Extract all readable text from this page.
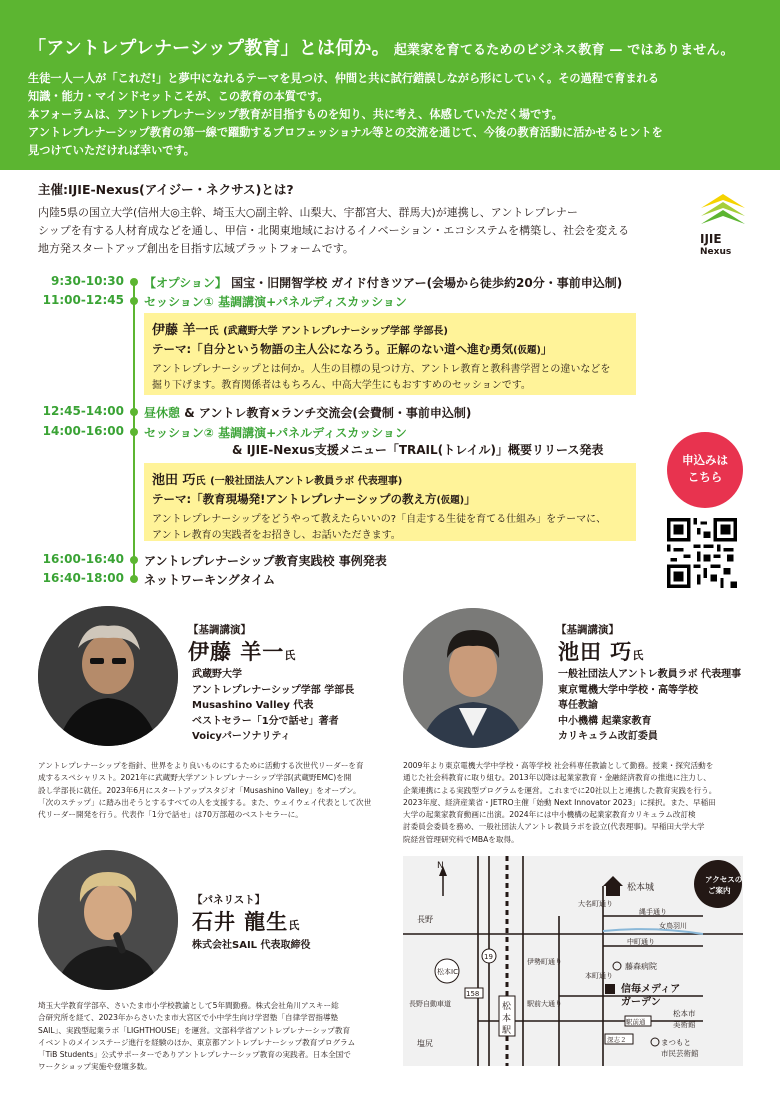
「アントレプレナーシップ教育」とは何か。 起業家を育てるためのビジネス教育 — ではありません。
生徒一人一人が「これだ!」と夢中になれるテーマを見つけ、仲間と共に試行錯誤しながら形にしていく。その過程で育まれる
知識・能力・マインドセットこそが、この教育の本質です。
本フォーラムは、アントレプレナーシップ教育が目指すものを知り、共に考え、体感していただく場です。
アントレプレナーシップ教育の第一線で躍動するプロフェッショナル等との交流を通じて、今後の教育活動に活かせるヒントを
見つけていただければ幸いです。
主催:IJIE-Nexus(アイジー・ネクサス)とは?

内陸5県の国立大学(信州大◎主幹、埼玉大○副主幹、山梨大、宇都宮大、群馬大)が連携し、アントレプレナー
シップを有する人材育成などを通し、甲信・北関東地域におけるイノベーション・エコシステムを構築し、社会を変える
地方発スタートアップ創出を目指す広域プラットフォームです。

IJIE
Nexus
9:30-10:30 【オプション】 国宝・旧開智学校 ガイド付きツアー(会場から徒歩約20分・事前申込制)
11:00-12:45 セッション① 基調講演+パネルディスカッション
伊藤 羊一氏 (武蔵野大学 アントレプレナーシップ学部 学部長)
テーマ:「自分という物語の主人公になろう。正解のない道へ進む勇気(仮題)」
アントレプレナーシップとは何か。人生の目標の見つけ方、アントレ教育と教科書学習との違いなどを
掘り下げます。教育関係者はもちろん、中高大学生にもおすすめのセッションです。
12:45-14:00 昼休憩 & アントレ教育×ランチ交流会(会費制・事前申込制)
14:00-16:00 セッション② 基調講演+パネルディスカッション
& IJIE-Nexus支援メニュー「TRAIL(トレイル)」概要リリース発表
池田 巧氏 (一般社団法人アントレ教員ラボ 代表理事)
テーマ:「教育現場発!アントレプレナーシップの教え方(仮題)」
アントレプレナーシップをどうやって教えたらいいの?「自走する生徒を育てる仕組み」をテーマに、
アントレ教育の実践者をお招きし、お話いただきます。
16:00-16:40 アントレプレナーシップ教育実践校 事例発表
16:40-18:00 ネットワーキングタイム
申込みは
こちら
【基調講演】
伊藤 羊一氏
武蔵野大学
アントレプレナーシップ学部 学部長
Musashino Valley 代表
ベストセラー「1分で話せ」著者
Voicyパーソナリティ
アントレプレナーシップを指針、世界をより良いものにするために活動する次世代リーダーを育
成するスペシャリスト。2021年に武蔵野大学アントレプレナーシップ学部(武蔵野EMC)を開
設し学部長に就任。2023年6月にスタートアップスタジオ「Musashino Valley」をオープン。
「次のステップ」に踏み出そうとするすべての人を支援する。また、ウェイウェイ代表として次世
代リーダー開発を行う。代表作「1分で話せ」は70万部超のベストセラーに。
【基調講演】
池田 巧氏
一般社団法人アントレ教員ラボ 代表理事
東京電機大学中学校・高等学校
専任教諭
中小機構 起業家教育
カリキュラム改訂委員
2009年より東京電機大学中学校・高等学校 社会科専任教諭として勤務。授業・探究活動を
通じた社会科教育に取り組む。2013年以降は起業家教育・金融経済教育の推進に注力し、
企業連携による実践型プログラムを運営。これまでに20社以上と連携した教育実践を行う。
2023年度、経済産業省・JETRO主催「始動 Next Innovator 2023」に採択。また、早稲田
大学の起業家教育動画に出演。2024年には中小機構の起業家教育カリキュラム改訂検
討委員会委員を務め、一般社団法人アントレ教員ラボを設立(代表理事)。早稲田大学大学
院経営管理研究科でMBAを取得。
【パネリスト】
石井 龍生氏
株式会社SAIL 代表取締役
埼玉大学教育学部卒、さいたま市小学校教諭として5年間勤務。株式会社角川アスキー総
合研究所を経て、2023年からさいたま市大宮区で小中学生向け学習塾「自律学習指導塾
SAIL」、実践型起業ラボ「LIGHTHOUSE」を運営。文部科学省アントレプレナーシップ教育
イベントのメインステージ進行を経験のほか、東京都アントレプレナーシップ教育プログラム
「TiB Students」公式サポーターでありアントレプレナーシップ教育の実践者。日本全国で
ワークショップ実施や登壇多数。
N
アクセスの
ご案内
松本城
長野
塩尻
松本IC
長野自動車道
19
158
伊勢町通り
駅前大通り
松
本
駅
本町通り
大名町通り
縄手通り
女鳥羽川
中町通り
藤森病院
信毎メディア
ガーデン
松本市
美術館
駅前通
深志２	まつもと
市民芸術館
